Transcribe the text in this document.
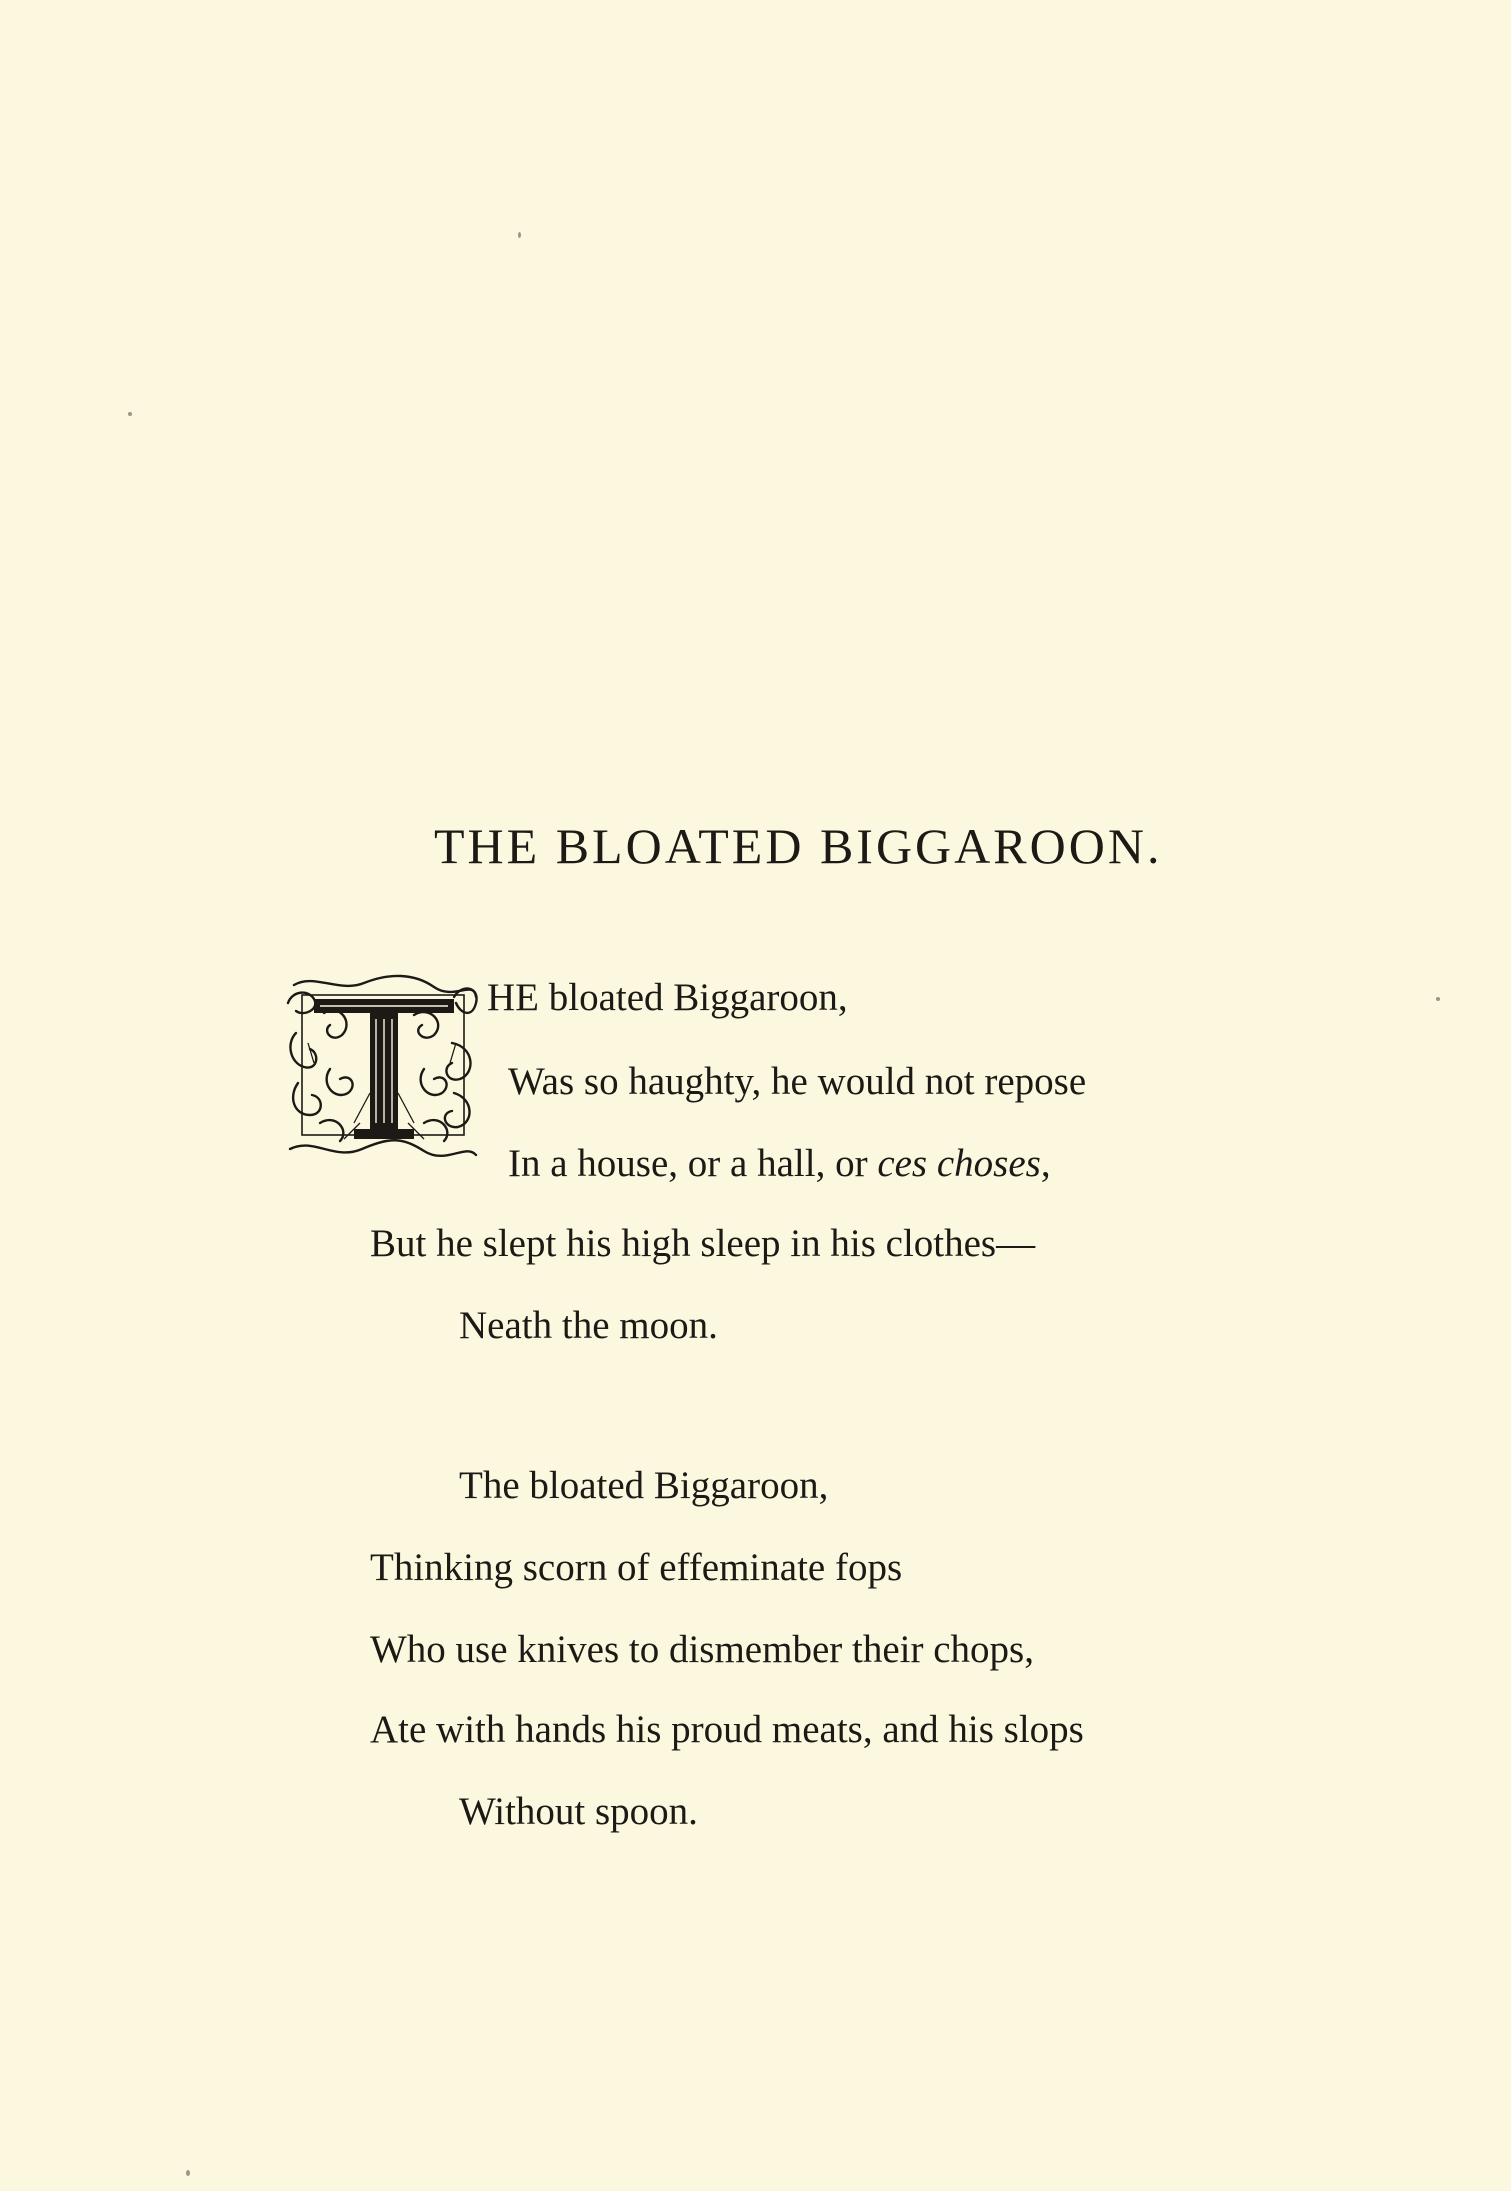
THE BLOATED BIGGAROON.
HE bloated Biggaroon,
Was so haughty, he would not repose
In a house, or a hall, or ces choses,
But he slept his high sleep in his clothes—
Neath the moon.
The bloated Biggaroon,
Thinking scorn of effeminate fops
Who use knives to dismember their chops,
Ate with hands his proud meats, and his slops
Without spoon.
